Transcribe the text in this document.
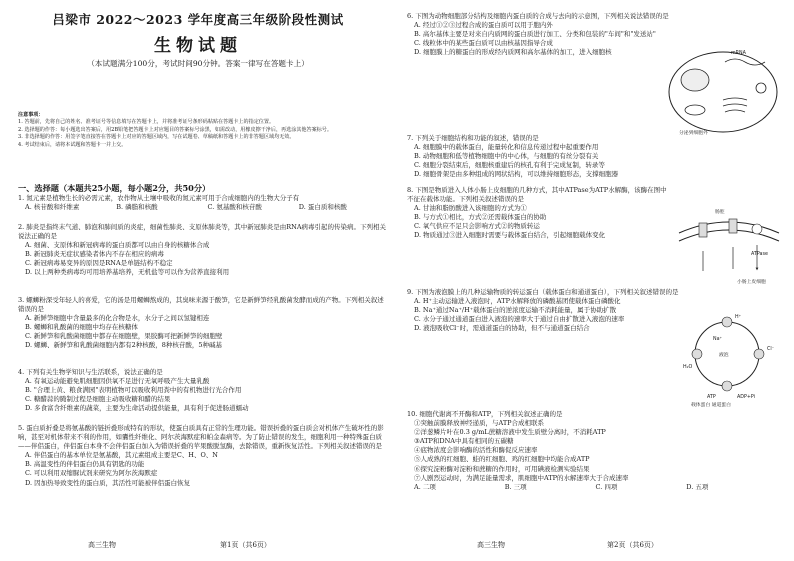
吕梁市 2022～2023 学年度高三年级阶段性测试
生物试题
（本试题满分100分，考试时间90分钟。答案一律写在答题卡上）
注意事项：
1. 答题前，先将自己的姓名、准考证号等信息填写在答题卡上，并将准考证号条形码粘贴在答题卡上的指定位置。
2. 选择题的作答：每小题选出答案后，用2B铅笔把答题卡上对应题目的答案标号涂黑，如需改动，用橡皮擦干净后，再选涂其他答案标号。
3. 非选择题的作答：用签字笔直接答在答题卡上对应的答题区域内，写在试题卷、草稿纸和答题卡上的非答题区域均无效。
4. 考试结束后，请将本试题和答题卡一并上交。
一、选择题（本题共25小题，每小题2分，共50分）
1. 氮元素是植物生长的必需元素，农作物从土壤中吸收的氮元素可用于合成细胞内的生物大分子有
A. 核苷酸和纤维素	B. 磷脂和核酸	C. 氨基酸和核苷酸	D. 蛋白质和核酸
2. 肺炎是指终末气道、肺泡和肺间质的炎症，细菌性肺炎、支原体肺炎等，其中新冠肺炎是由RNA病毒引起的传染病。下列相关说法正确的是
A. 细菌、支原体和新冠病毒的蛋白质都可以由自身的核糖体合成
B. 新冠肺炎无症状感染者体内不存在相应的病毒
C. 新冠病毒易变异的原因是RNA是单链结构不稳定
D. 以上两种类病毒均可用培养基培养，无机盐等可以作为营养直接利用
3. 螺蛳粉深受年轻人的喜爱，它的汤是用螺蛳熬成的，其臭味来源于酸笋，它是新鲜笋经乳酸菌发酵而成的产物。下列相关叙述错误的是
A. 新鲜笋细胞中含量最多的化合物是水，水分子之间以氢键相连
B. 螺蛳和乳酸菌的细胞中均存在核糖体
C. 新鲜笋和乳酸菌细胞中都存在细胞壁，果胶酶可把新鲜笋的细胞壁
D. 螺蛳、新鲜笋和乳酸菌细胞内都有2种核酸，8种核苷酸，5种碱基
4. 下列有关生物学知识与生活联系，说法正确的是
A. 有氧运动能避免肌细胞因供氧不足进行无氧呼吸产生大量乳酸
B. "合理上黄、粮食满园"表明植物可以吸收利用粪中的有机物进行光合作用
C. 糖醋蒜的腌制过程是细胞主动吸收糖和醋的结果
D. 多食富含纤维素的蔬菜，主要为生命活动提供能量，具有利于促进肠道蠕动
5. 蛋白质折叠是将氨基酸的链折叠形成特有的形状，使蛋白质具有正常的生理功能。错误折叠的蛋白质会对机体产生破坏性的影响，甚至对机体带来不利的作用，如囊性纤维化、阿尔茨海默症和帕金森病等。为了防止错误的发生，细胞利用一种特殊蛋白质——伴侣蛋白，伴侣蛋白本身不会伴侣蛋白加入为错误折叠的苹果酸脱氢酶，去除错误，重新恢复活性。下列相关叙述错误的是
A. 伴侣蛋白的基本单位是氨基酸，其元素组成主要是C、H、O、N
B. 高温变性的伴侣蛋白仍具有钥匙的功能
C. 可以利用双缩脲试剂来研究为阿尔茨海默症
D. 因加热导致变性的蛋白质，其活性可能被伴侣蛋白恢复
高三生物	第1页（共6页）
6. 下图为动物细胞部分结构及细胞内蛋白质的合成与去向的示意图，下列相关说法错误的是
A. 经过①②③过程合成的蛋白质可以用于胞内外
B. 高尔基体主要是对来自内质网的蛋白质进行加工、分类和包装的"车间"和"发送站"
C. 线粒体中的某些蛋白质可以由核基因指导合成
D. 细胞膜上的糖蛋白的形成经内质网和高尔基体的加工，进入细胞核	mRNA
分泌到细胞外
7. 下列关于细胞结构和功能的叙述，错误的是
A. 细胞膜中的载体蛋白，能量转化和信息传递过程中起重要作用
B. 动物细胞和低等植物细胞中的中心体，与细胞的有丝分裂有关
C. 细胞分裂结束后，细胞核重建后的核孔有利于完成复制，转录等
D. 细胞骨架是由多种组成的网状结构，可以维持细胞形态，支撑细胞器
8. 下图是物质进入人体小肠上皮细胞的几种方式，其中ATPase为ATP水解酶，该酶在图中不征在载体功能。下列相关叙述错误的是
A. 甘油和脂肪酸进入该细胞的方式为①
B. 与方式①相比，方式②还需载体蛋白的协助
C. 氧气供应不足只会影响方式②的物质转运
D. 物质通过③进入细胞时需要与载体蛋白结合，引起细胞载体变化
肠腔
小肠上皮细胞
ATPase
9. 下图为液泡膜上的几种运输物质的转运蛋白（载体蛋白和通道蛋白），下列相关叙述错误的是
A. H⁺主动运输进入液泡时，ATP水解释放的磷酸基团使载体蛋白磷酸化
B. Na⁺通过Na⁺/H⁺载体蛋白的逆浓度运输不消耗能量，属于协助扩散
C. 水分子通过通道蛋白进入液泡的速率大于通过自由扩散进入液泡的速率
D. 液泡吸收Cl⁻时，需通道蛋白的协助，但不与通道蛋白结合
液泡
H⁺
Na⁺
Cl⁻
H₂O
ATP	ADP+Pi
载体蛋白 通道蛋白
10. 细胞代谢离不开酶和ATP，下列相关叙述正确的是
①突触前膜释放神经递质，与ATP合成相联系
②洋葱鳞片叶在0.3 g/mL蔗糖溶液中发生质壁分离时，不消耗ATP
③ATP和DNA中具有相同的五碳糖
④底物浓度会影响酶的活性和酶促反应速率
⑤人成熟的红细胞、蛙的红细胞、鸡的红细胞中均能合成ATP
⑥探究淀粉酶对淀粉和蔗糖的作用时，可用碘液检测实验结果
⑦人剧烈运动时，为满足能量需求，肌细胞中ATP的水解速率大于合成速率
A. 二项	B. 三项	C. 四项	D. 五项
高三生物	第2页（共6页）
